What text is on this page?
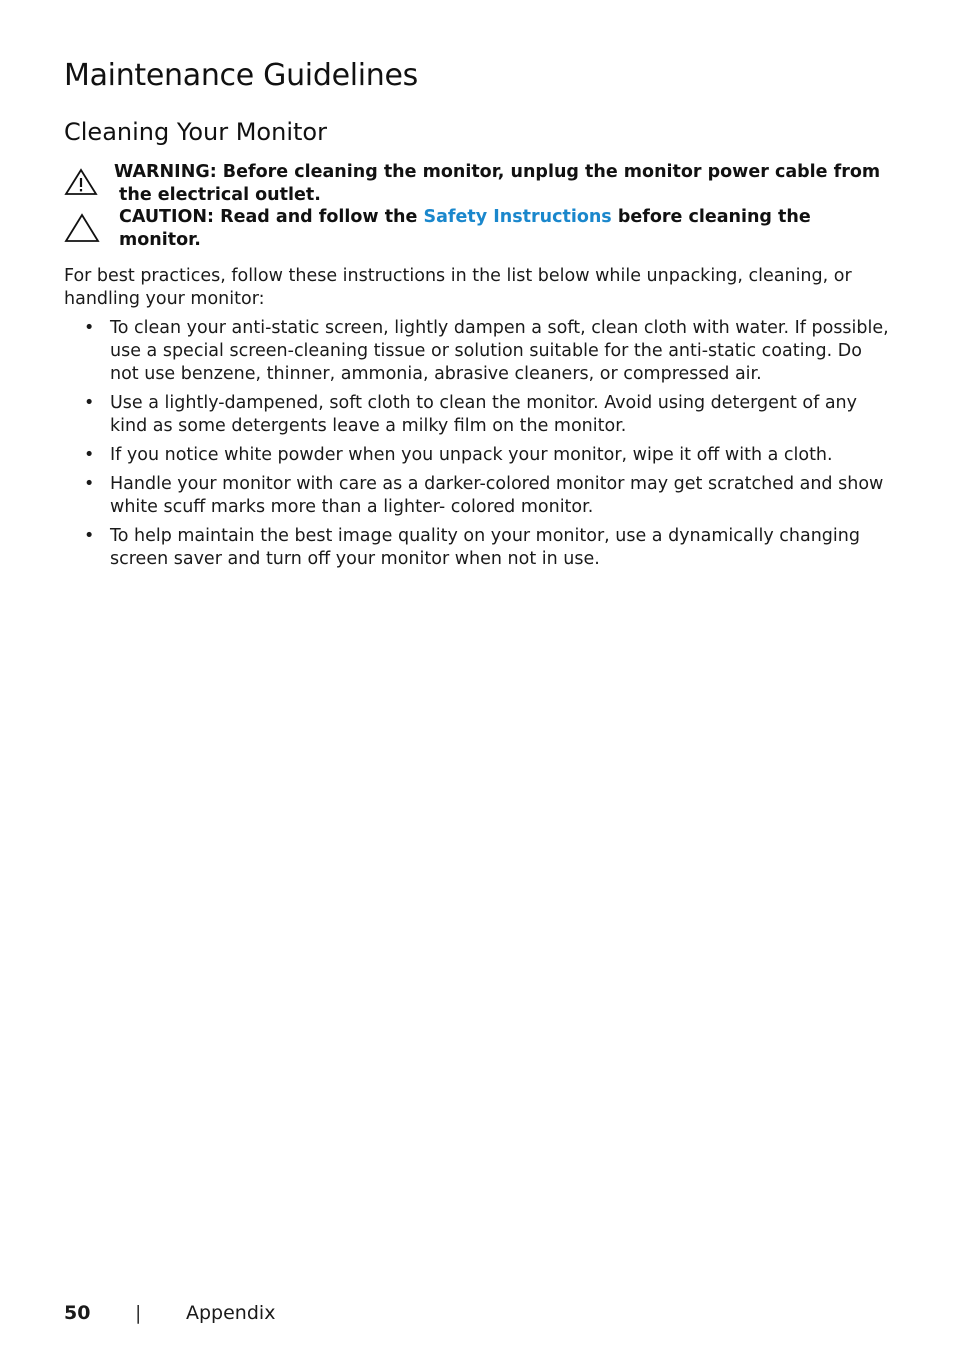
Maintenance Guidelines
Cleaning Your Monitor
WARNING: Before cleaning the monitor, unplug the monitor power cable from
the electrical outlet.
CAUTION: Read and follow the Safety Instructions before cleaning the monitor.

For best practices, follow these instructions in the list below while unpacking, cleaning, or handling your monitor:

• To clean your anti-static screen, lightly dampen a soft, clean cloth with water. If possible, use a special screen-cleaning tissue or solution suitable for the anti-static coating. Do not use benzene, thinner, ammonia, abrasive cleaners, or compressed air.
• Use a lightly-dampened, soft cloth to clean the monitor. Avoid using detergent of any kind as some detergents leave a milky film on the monitor.
• If you notice white powder when you unpack your monitor, wipe it off with a cloth.
• Handle your monitor with care as a darker-colored monitor may get scratched and show white scuff marks more than a lighter- colored monitor.
• To help maintain the best image quality on your monitor, use a dynamically changing screen saver and turn off your monitor when not in use.
50 | Appendix
